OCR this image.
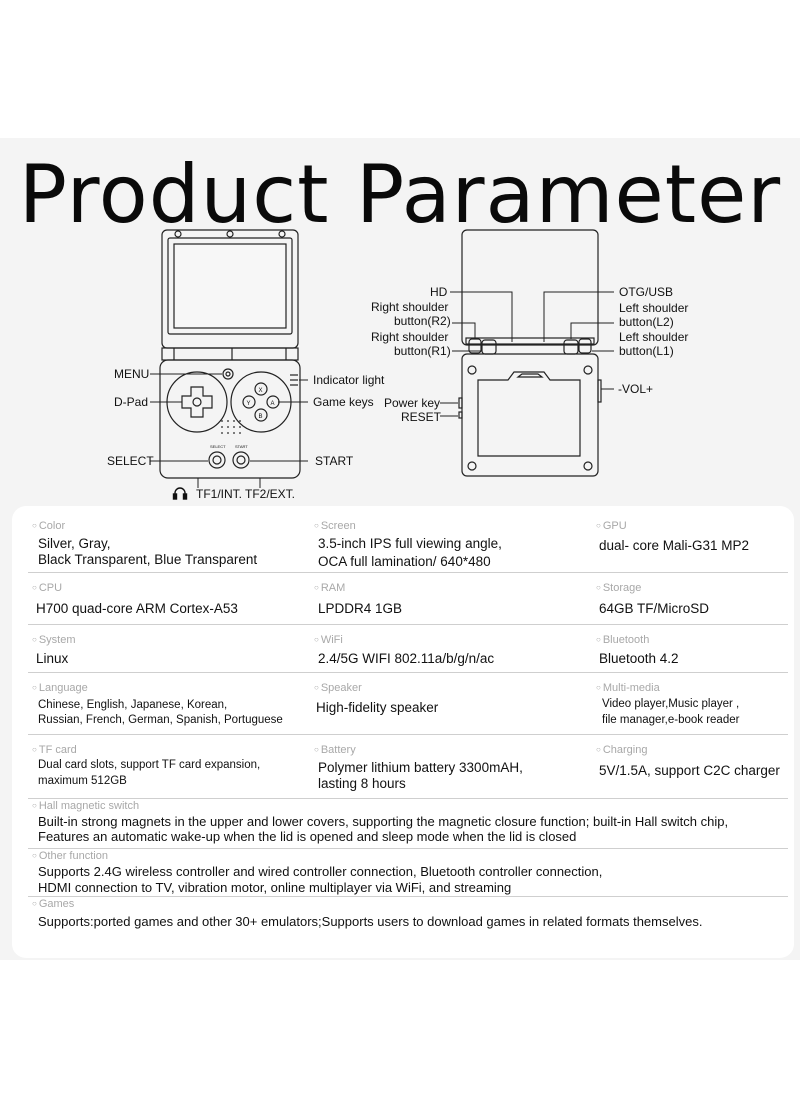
Product Parameter
MENU
D-Pad
SELECT
Indicator light
Game keys
START
TF1/INT. TF2/EXT.
X
Y	A
B
SELECT START
HD
Right shoulder
button(R2)
Right shoulder
button(R1)
OTG/USB
Left shoulder
button(L2)
Left shoulder
button(L1)
-VOL+
Power key
RESET
○ Color
Silver, Gray,
Black Transparent, Blue Transparent
○ Screen
3.5-inch IPS full viewing angle,
OCA full lamination/ 640*480
○ GPU
dual- core Mali-G31 MP2
○ CPU
H700 quad-core ARM Cortex-A53
○ RAM
LPDDR4 1GB
○ Storage
64GB TF/MicroSD
○ System
Linux
○ WiFi
2.4/5G WIFI 802.11a/b/g/n/ac
○ Bluetooth
Bluetooth 4.2
○ Language
Chinese, English, Japanese, Korean,
Russian, French, German, Spanish, Portuguese
○ Speaker
High-fidelity speaker
○ Multi-media
Video player,Music player ,
file manager,e-book reader
○ TF card
Dual card slots, support TF card expansion,
maximum 512GB
○ Battery
Polymer lithium battery 3300mAH,
lasting 8 hours
○ Charging
5V/1.5A, support C2C charger
○ Hall magnetic switch
Built-in strong magnets in the upper and lower covers, supporting the magnetic closure function; built-in Hall switch chip,
Features an automatic wake-up when the lid is opened and sleep mode when the lid is closed
○ Other function
Supports 2.4G wireless controller and wired controller connection, Bluetooth controller connection,
HDMI connection to TV, vibration motor, online multiplayer via WiFi, and streaming
○ Games
Supports:ported games and other 30+ emulators;Supports users to download games in related formats themselves.
